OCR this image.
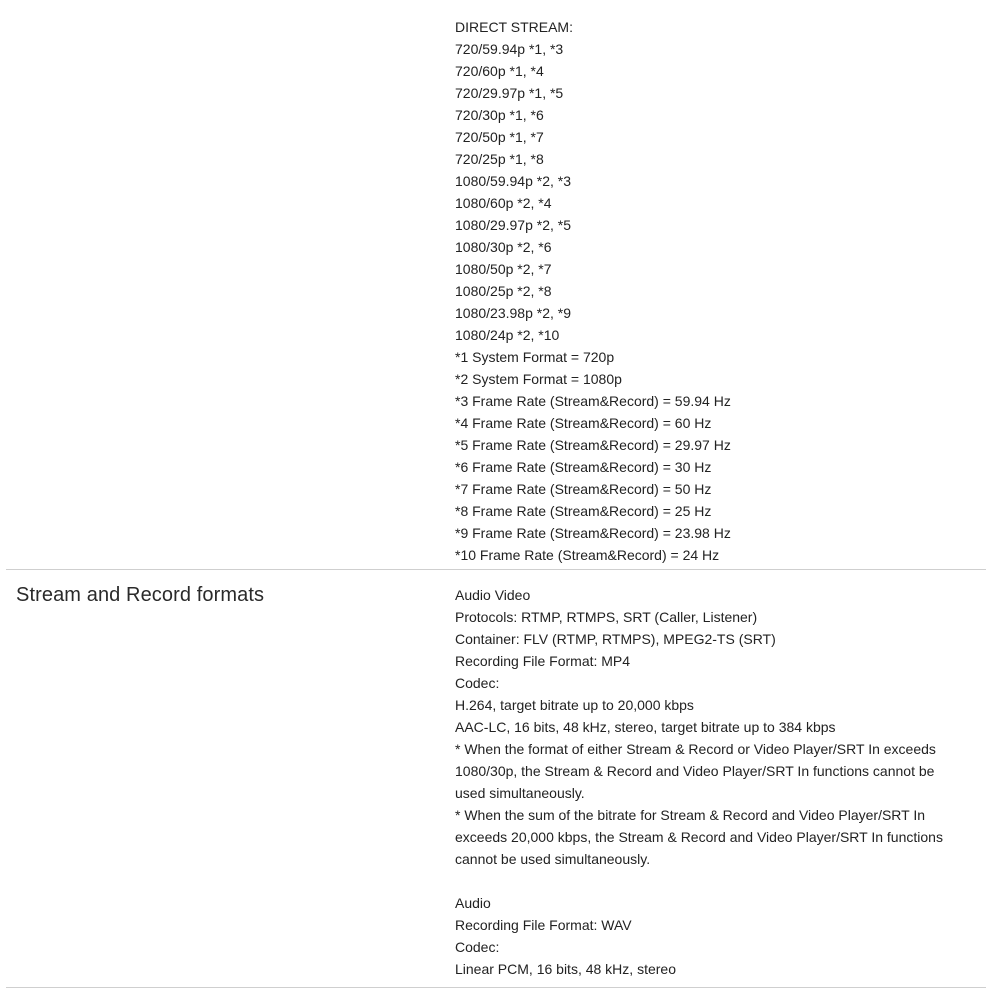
DIRECT STREAM:
720/59.94p *1, *3
720/60p *1, *4
720/29.97p *1, *5
720/30p *1, *6
720/50p *1, *7
720/25p *1, *8
1080/59.94p *2, *3
1080/60p *2, *4
1080/29.97p *2, *5
1080/30p *2, *6
1080/50p *2, *7
1080/25p *2, *8
1080/23.98p *2, *9
1080/24p *2, *10
*1 System Format = 720p
*2 System Format = 1080p
*3 Frame Rate (Stream&Record) = 59.94 Hz
*4 Frame Rate (Stream&Record) = 60 Hz
*5 Frame Rate (Stream&Record) = 29.97 Hz
*6 Frame Rate (Stream&Record) = 30 Hz
*7 Frame Rate (Stream&Record) = 50 Hz
*8 Frame Rate (Stream&Record) = 25 Hz
*9 Frame Rate (Stream&Record) = 23.98 Hz
*10 Frame Rate (Stream&Record) = 24 Hz
Stream and Record formats	Audio Video
Protocols: RTMP, RTMPS, SRT (Caller, Listener)
Container: FLV (RTMP, RTMPS), MPEG2-TS (SRT)
Recording File Format: MP4
Codec:
H.264, target bitrate up to 20,000 kbps
AAC-LC, 16 bits, 48 kHz, stereo, target bitrate up to 384 kbps
* When the format of either Stream & Record or Video Player/SRT In exceeds
1080/30p, the Stream & Record and Video Player/SRT In functions cannot be
used simultaneously.
* When the sum of the bitrate for Stream & Record and Video Player/SRT In
exceeds 20,000 kbps, the Stream & Record and Video Player/SRT In functions
cannot be used simultaneously.
Audio
Recording File Format: WAV
Codec:
Linear PCM, 16 bits, 48 kHz, stereo
